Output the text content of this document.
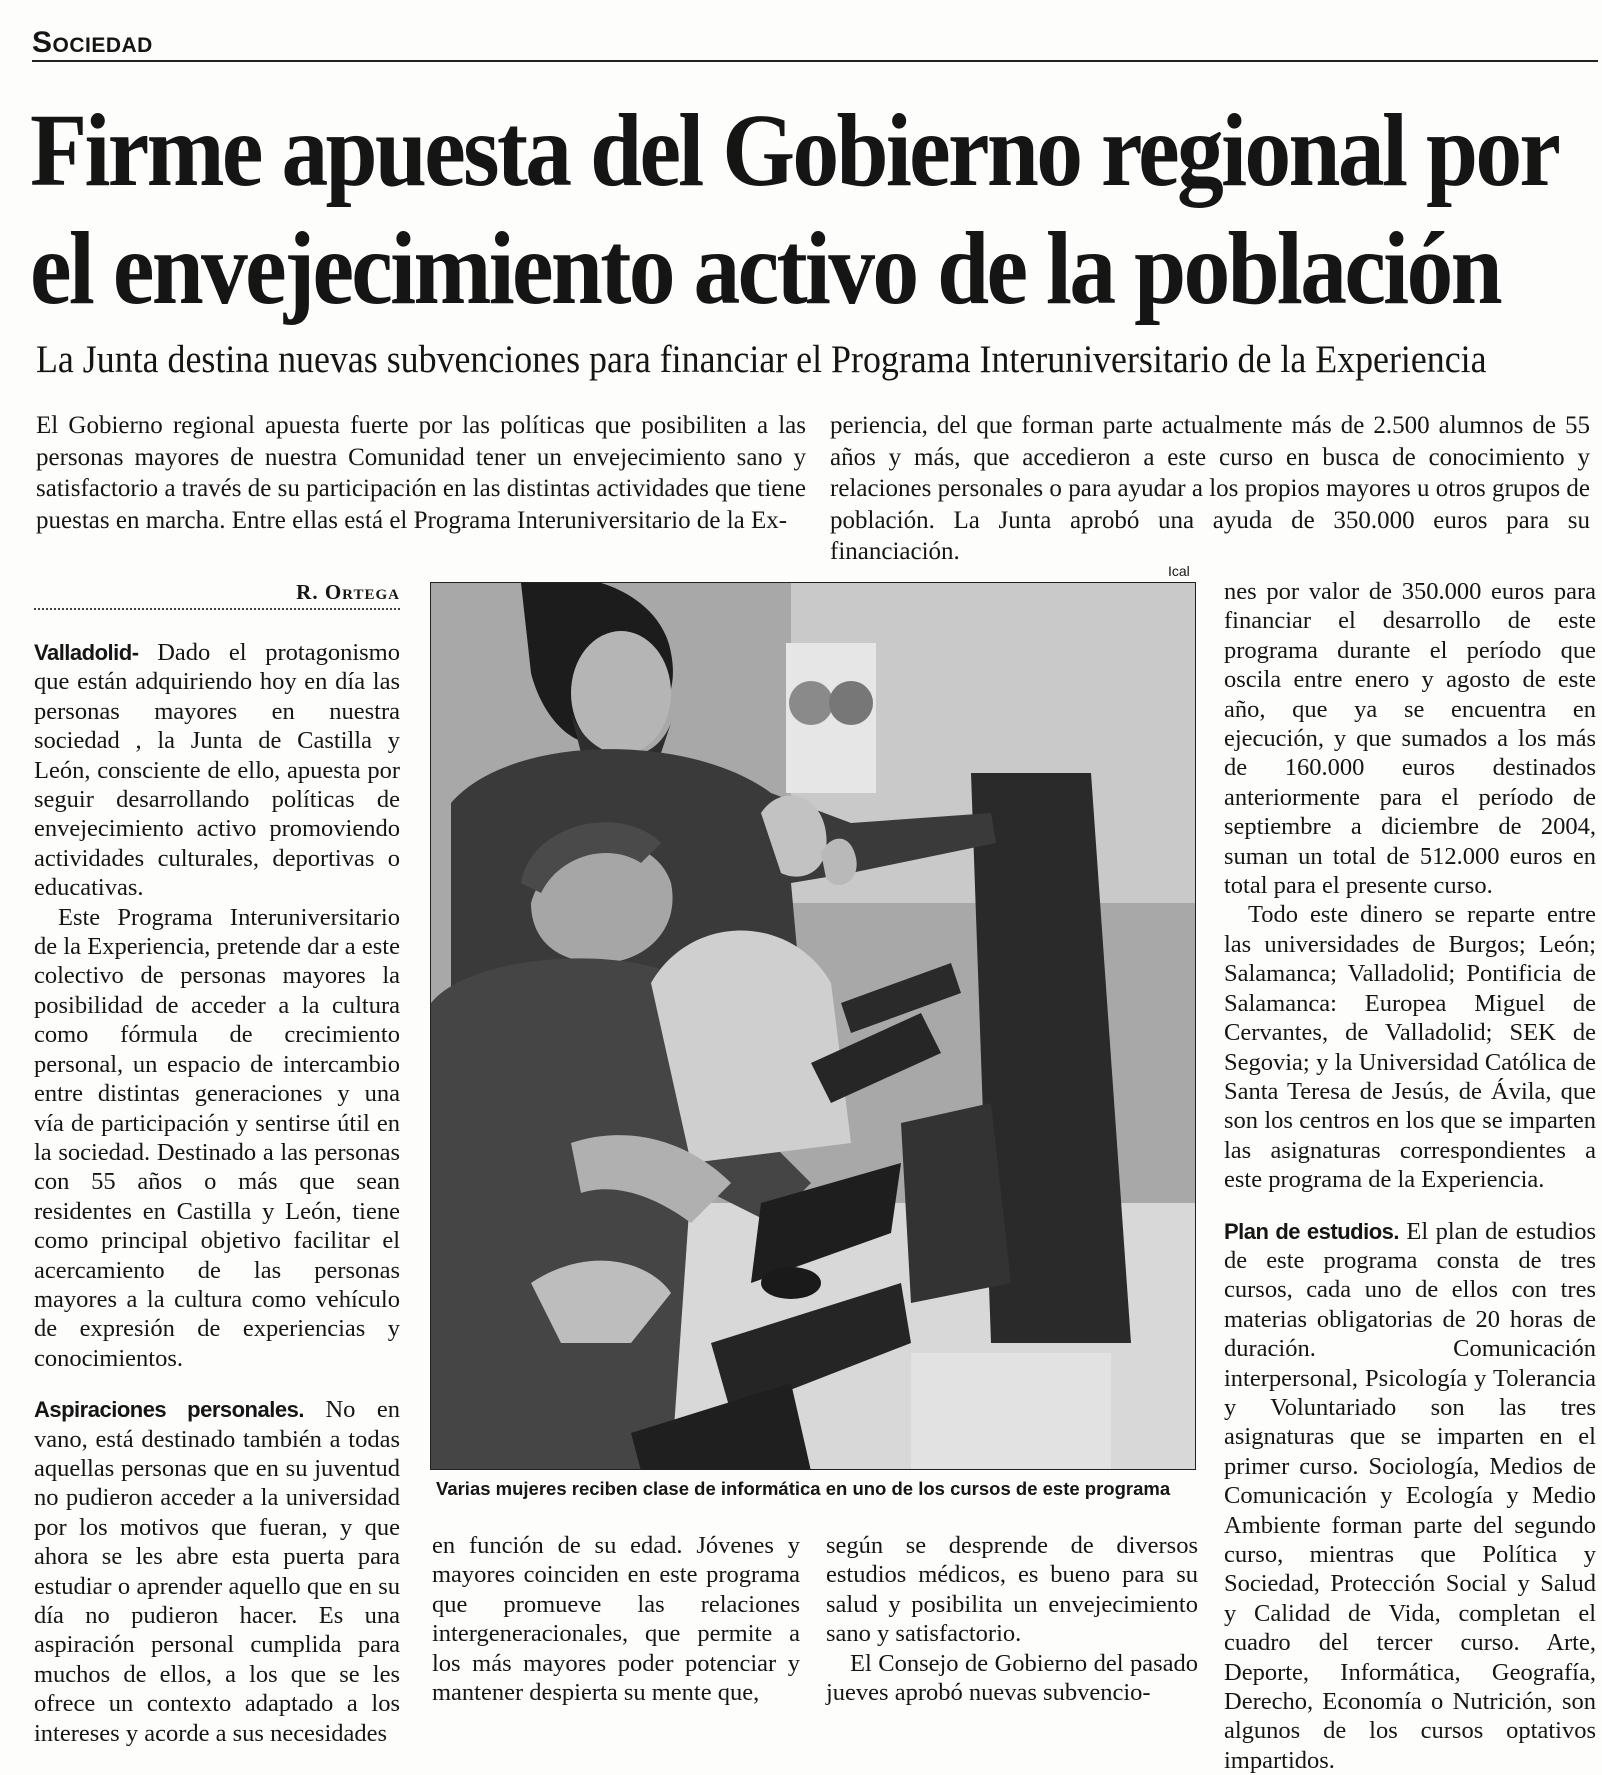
Sociedad
Firme apuesta del Gobierno regional por
el envejecimiento activo de la población
La Junta destina nuevas subvenciones para financiar el Programa Interuniversitario de la Experiencia

El Gobierno regional apuesta fuerte por las políticas que posibiliten a las personas mayores de nuestra Comunidad tener un envejecimiento sano y satisfactorio a través de su participación en las distintas actividades que tiene puestas en marcha. Entre ellas está el Programa Interuniversitario de la Ex-

periencia, del que forman parte actualmente más de 2.500 alumnos de 55 años y más, que accedieron a este curso en busca de conocimiento y relaciones personales o para ayudar a los propios mayores u otros grupos de población. La Junta aprobó una ayuda de 350.000 euros para su financiación.

R. Ortega

Valladolid- Dado el protagonismo que están adquiriendo hoy en día las personas mayores en nuestra sociedad , la Junta de Castilla y León, consciente de ello, apuesta por seguir desarrollando políticas de envejecimiento activo promoviendo actividades culturales, deportivas o educativas.

Este Programa Interuniversitario de la Experiencia, pretende dar a este colectivo de personas mayores la posibilidad de acceder a la cultura como fórmula de crecimiento personal, un espacio de intercambio entre distintas generaciones y una vía de participación y sentirse útil en la sociedad. Destinado a las personas con 55 años o más que sean residentes en Castilla y León, tiene como principal objetivo facilitar el acercamiento de las personas mayores a la cultura como vehículo de expresión de experiencias y conocimientos.

Aspiraciones personales. No en vano, está destinado también a todas aquellas personas que en su juventud no pudieron acceder a la universidad por los motivos que fueran, y que ahora se les abre esta puerta para estudiar o aprender aquello que en su día no pudieron hacer. Es una aspiración personal cumplida para muchos de ellos, a los que se les ofrece un contexto adaptado a los intereses y acorde a sus necesidades

Ical
Varias mujeres reciben clase de informática en uno de los cursos de este programa

en función de su edad. Jóvenes y mayores coinciden en este programa que promueve las relaciones intergeneracionales, que permite a los más mayores poder potenciar y mantener despierta su mente que,

según se desprende de diversos estudios médicos, es bueno para su salud y posibilita un envejecimiento sano y satisfactorio.

El Consejo de Gobierno del pasado jueves aprobó nuevas subvencio-

nes por valor de 350.000 euros para financiar el desarrollo de este programa durante el período que oscila entre enero y agosto de este año, que ya se encuentra en ejecución, y que sumados a los más de 160.000 euros destinados anteriormente para el período de septiembre a diciembre de 2004, suman un total de 512.000 euros en total para el presente curso.

Todo este dinero se reparte entre las universidades de Burgos; León; Salamanca; Valladolid; Pontificia de Salamanca: Europea Miguel de Cervantes, de Valladolid; SEK de Segovia; y la Universidad Católica de Santa Teresa de Jesús, de Ávila, que son los centros en los que se imparten las asignaturas correspondientes a este programa de la Experiencia.

Plan de estudios. El plan de estudios de este programa consta de tres cursos, cada uno de ellos con tres materias obligatorias de 20 horas de duración. Comunicación interpersonal, Psicología y Tolerancia y Voluntariado son las tres asignaturas que se imparten en el primer curso. Sociología, Medios de Comunicación y Ecología y Medio Ambiente forman parte del segundo curso, mientras que Política y Sociedad, Protección Social y Salud y Calidad de Vida, completan el cuadro del tercer curso. Arte, Deporte, Informática, Geografía, Derecho, Economía o Nutrición, son algunos de los cursos optativos impartidos.
